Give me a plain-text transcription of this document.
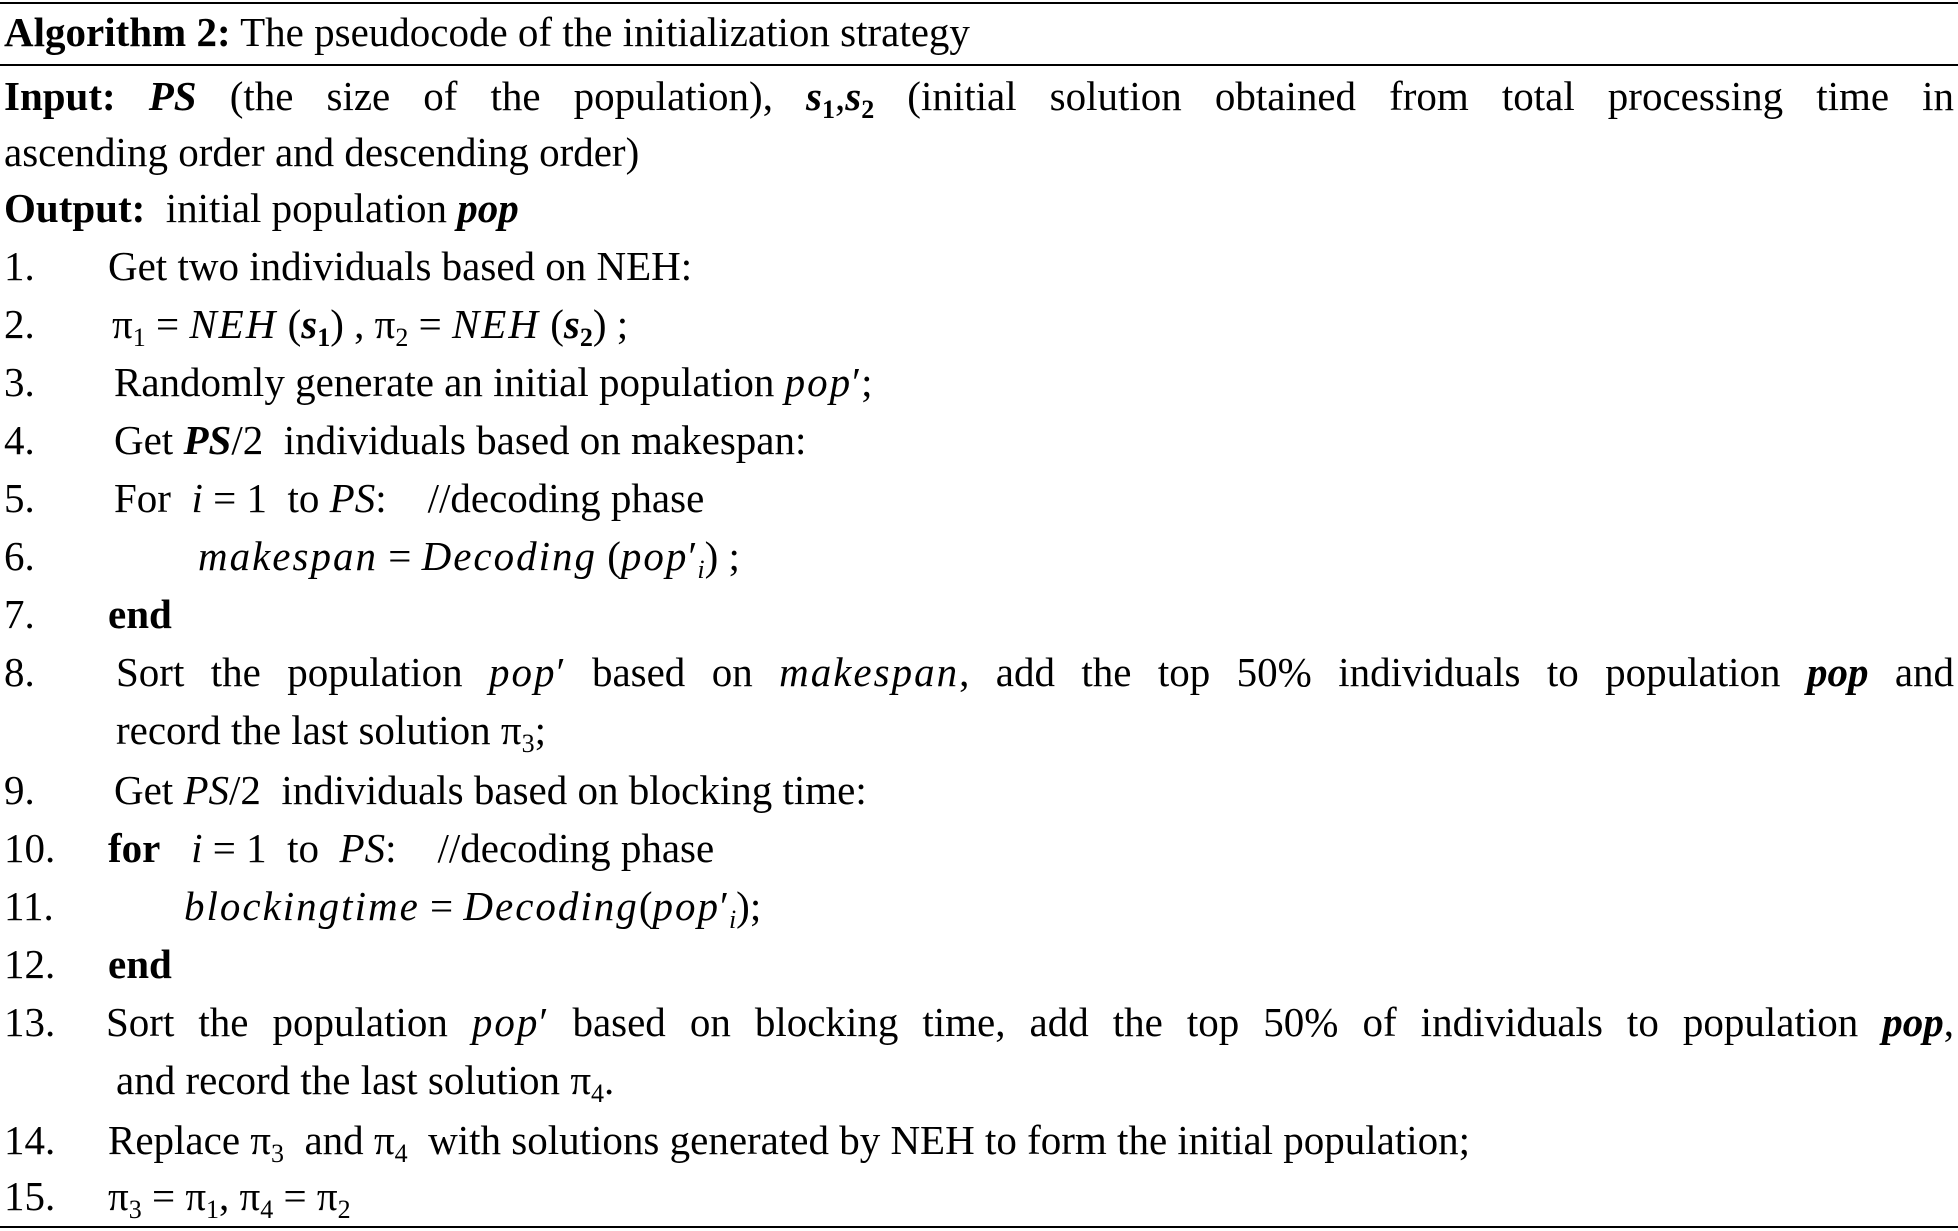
Algorithm 2: The pseudocode of the initialization strategy
Input: PS (the size of the population), $s_1,s_2$ (initial solution obtained from total processing time in
ascending order and descending order)
Output: initial population pop
1. Get two individuals based on NEH:
2. $\pi_1$ = NEH $(s_1)$ , $\pi_2$ = NEH $(s_2)$ ;
3. Randomly generate an initial population pop′;
4. Get PS/2 individuals based on makespan:
5. For i = 1 to PS: //decoding phase
6.	makespan = Decoding $(pop'_i)$ ;
7. end
8. Sort the population pop′ based on makespan, add the top 50% individuals to population pop and
record the last solution $\pi_3$;
9. Get PS/2 individuals based on blocking time:
10. for i = 1 to PS: //decoding phase
11.	blockingtime = $Decoding(pop'_i)$;
12. end
13. Sort the population pop′ based on blocking time, add the top 50% of individuals to population pop,
and record the last solution $\pi_4$.
14. Replace $\pi_3$ and $\pi_4$ with solutions generated by NEH to form the initial population;
15. $\pi_3 = \pi_1$, $\pi_4 = \pi_2$
